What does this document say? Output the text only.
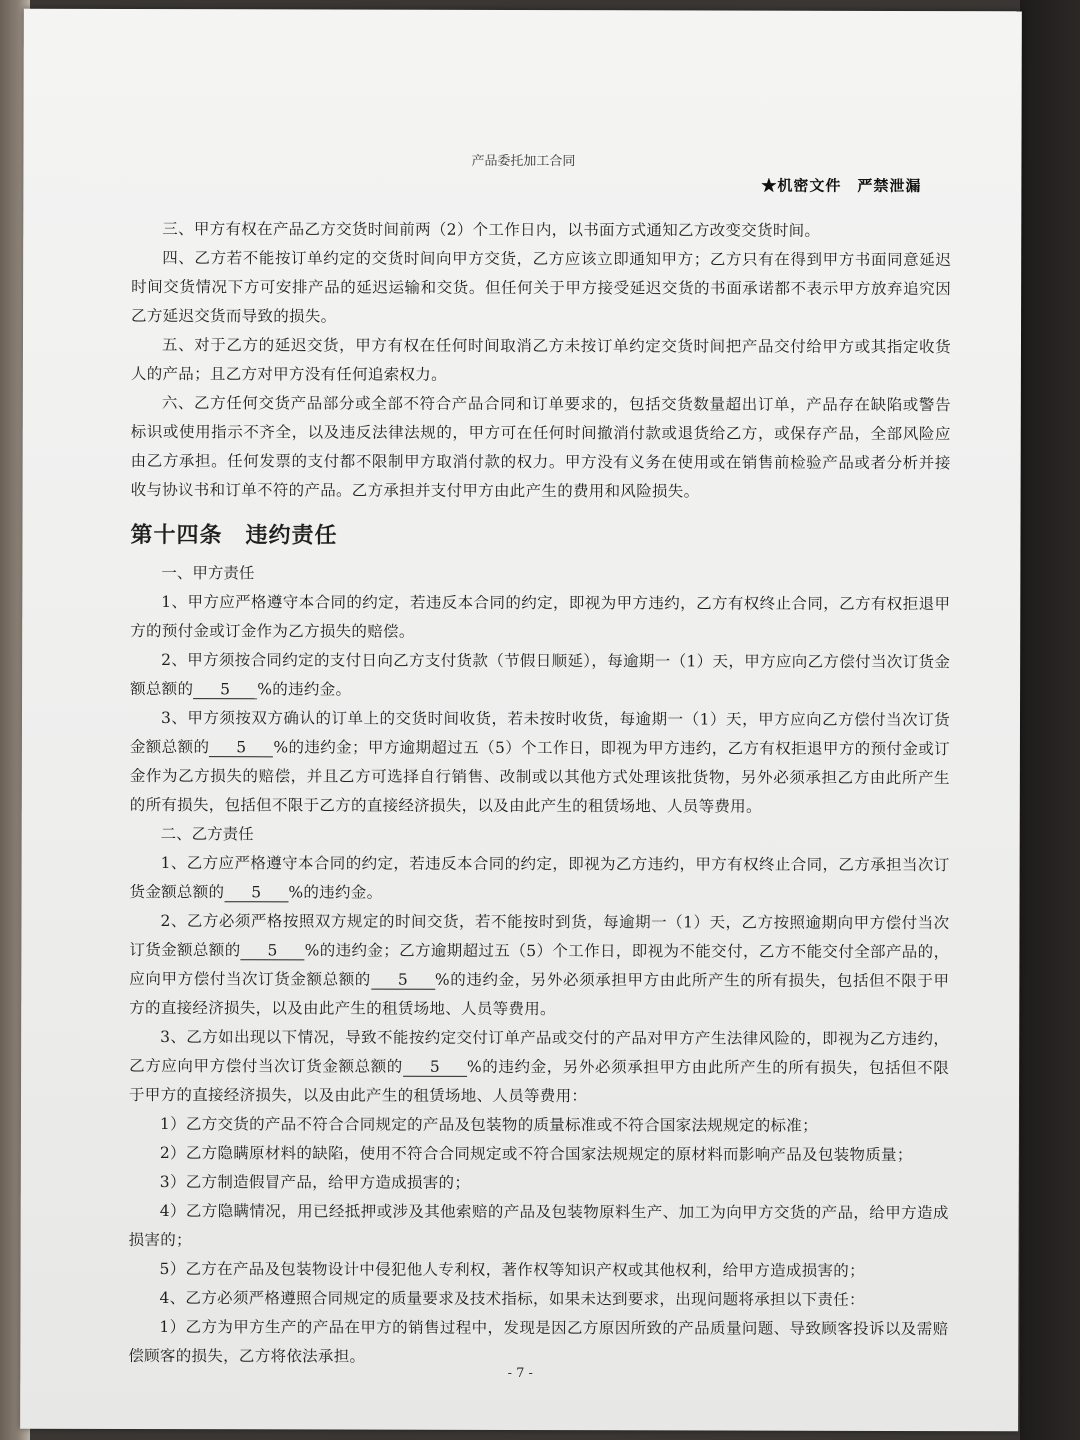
产品委托加工合同
★机密文件　严禁泄漏

三、甲方有权在产品乙方交货时间前两（2）个工作日内，以书面方式通知乙方改变交货时间。

四、乙方若不能按订单约定的交货时间向甲方交货，乙方应该立即通知甲方；乙方只有在得到甲方书面同意延迟时间交货情况下方可安排产品的延迟运输和交货。但任何关于甲方接受延迟交货的书面承诺都不表示甲方放弃追究因乙方延迟交货而导致的损失。

五、对于乙方的延迟交货，甲方有权在任何时间取消乙方未按订单约定交货时间把产品交付给甲方或其指定收货人的产品；且乙方对甲方没有任何追索权力。

六、乙方任何交货产品部分或全部不符合产品合同和订单要求的，包括交货数量超出订单，产品存在缺陷或警告标识或使用指示不齐全，以及违反法律法规的，甲方可在任何时间撤消付款或退货给乙方，或保存产品，全部风险应由乙方承担。任何发票的支付都不限制甲方取消付款的权力。甲方没有义务在使用或在销售前检验产品或者分析并接收与协议书和订单不符的产品。乙方承担并支付甲方由此产生的费用和风险损失。

第十四条　违约责任

一、甲方责任

1、甲方应严格遵守本合同的约定，若违反本合同的约定，即视为甲方违约，乙方有权终止合同，乙方有权拒退甲方的预付金或订金作为乙方损失的赔偿。

2、甲方须按合同约定的支付日向乙方支付货款（节假日顺延），每逾期一（1）天，甲方应向乙方偿付当次订货金额总额的 5 %的违约金。

3、甲方须按双方确认的订单上的交货时间收货，若未按时收货，每逾期一（1）天，甲方应向乙方偿付当次订货金额总额的 5 %的违约金；甲方逾期超过五（5）个工作日，即视为甲方违约，乙方有权拒退甲方的预付金或订金作为乙方损失的赔偿，并且乙方可选择自行销售、改制或以其他方式处理该批货物，另外必须承担乙方由此所产生的所有损失，包括但不限于乙方的直接经济损失，以及由此产生的租赁场地、人员等费用。

二、乙方责任

1、乙方应严格遵守本合同的约定，若违反本合同的约定，即视为乙方违约，甲方有权终止合同，乙方承担当次订货金额总额的 5 %的违约金。

2、乙方必须严格按照双方规定的时间交货，若不能按时到货，每逾期一（1）天，乙方按照逾期向甲方偿付当次订货金额总额的 5 %的违约金；乙方逾期超过五（5）个工作日，即视为不能交付，乙方不能交付全部产品的，应向甲方偿付当次订货金额总额的 5 %的违约金，另外必须承担甲方由此所产生的所有损失，包括但不限于甲方的直接经济损失，以及由此产生的租赁场地、人员等费用。

3、乙方如出现以下情况，导致不能按约定交付订单产品或交付的产品对甲方产生法律风险的，即视为乙方违约，乙方应向甲方偿付当次订货金额总额的 5 %的违约金，另外必须承担甲方由此所产生的所有损失，包括但不限于甲方的直接经济损失，以及由此产生的租赁场地、人员等费用：

1）乙方交货的产品不符合合同规定的产品及包装物的质量标准或不符合国家法规规定的标准；

2）乙方隐瞒原材料的缺陷，使用不符合合同规定或不符合国家法规规定的原材料而影响产品及包装物质量；

3）乙方制造假冒产品，给甲方造成损害的；

4）乙方隐瞒情况，用已经抵押或涉及其他索赔的产品及包装物原料生产、加工为向甲方交货的产品，给甲方造成损害的；

5）乙方在产品及包装物设计中侵犯他人专利权，著作权等知识产权或其他权利，给甲方造成损害的；

4、乙方必须严格遵照合同规定的质量要求及技术指标，如果未达到要求，出现问题将承担以下责任：

1）乙方为甲方生产的产品在甲方的销售过程中，发现是因乙方原因所致的产品质量问题、导致顾客投诉以及需赔偿顾客的损失，乙方将依法承担。

- 7 -
